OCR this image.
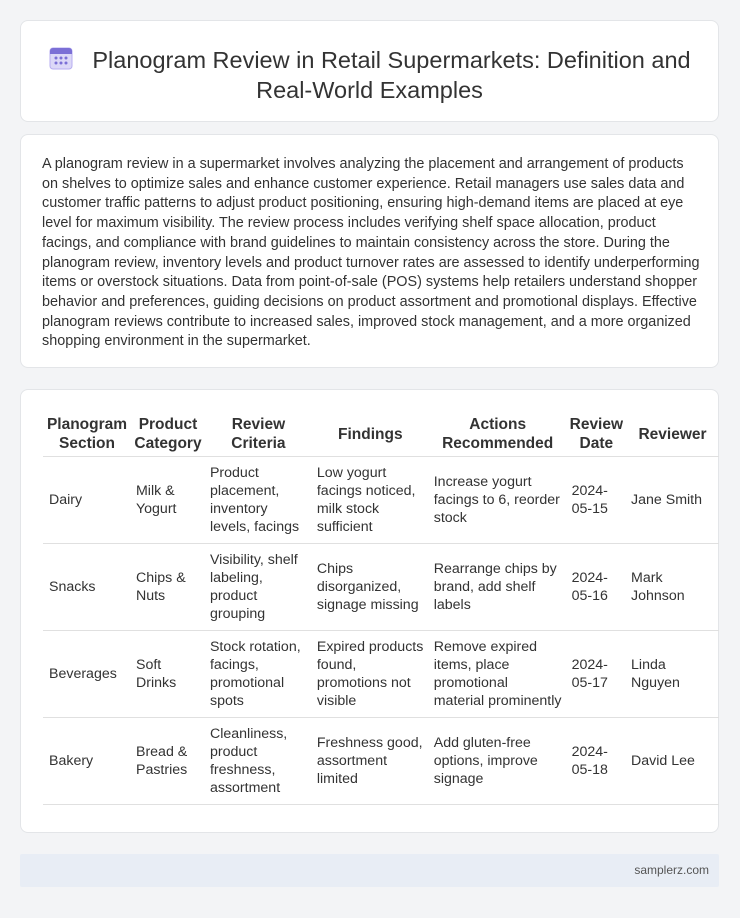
Planogram Review in Retail Supermarkets: Definition and Real-World Examples

A planogram review in a supermarket involves analyzing the placement and arrangement of products on shelves to optimize sales and enhance customer experience. Retail managers use sales data and customer traffic patterns to adjust product positioning, ensuring high-demand items are placed at eye level for maximum visibility. The review process includes verifying shelf space allocation, product facings, and compliance with brand guidelines to maintain consistency across the store. During the planogram review, inventory levels and product turnover rates are assessed to identify underperforming items or overstock situations. Data from point-of-sale (POS) systems help retailers understand shopper behavior and preferences, guiding decisions on product assortment and promotional displays. Effective planogram reviews contribute to increased sales, improved stock management, and a more organized shopping environment in the supermarket.

Planogram Section	Product Category	Review Criteria	Findings	Actions Recommended	Review Date	Reviewer
Dairy	Milk & Yogurt	Product placement, inventory levels, facings	Low yogurt facings noticed, milk stock sufficient	Increase yogurt facings to 6, reorder stock	2024-05-15	Jane Smith
Snacks	Chips & Nuts	Visibility, shelf labeling, product grouping	Chips disorganized, signage missing	Rearrange chips by brand, add shelf labels	2024-05-16	Mark Johnson
Beverages	Soft Drinks	Stock rotation, facings, promotional spots	Expired products found, promotions not visible	Remove expired items, place promotional material prominently	2024-05-17	Linda Nguyen
Bakery	Bread & Pastries	Cleanliness, product freshness, assortment	Freshness good, assortment limited	Add gluten-free options, improve signage	2024-05-18	David Lee
samplerz.com
